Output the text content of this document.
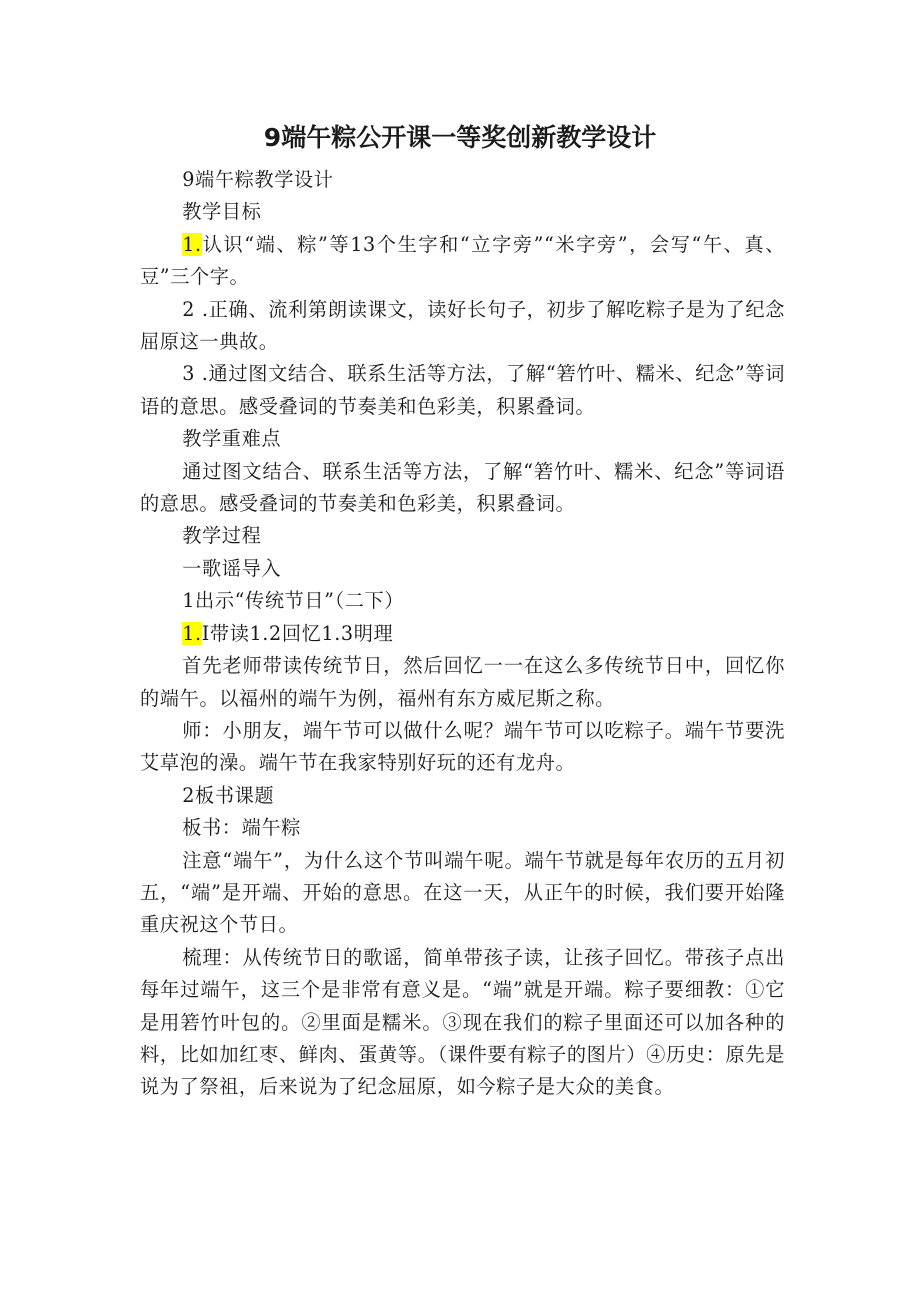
9端午粽公开课一等奖创新教学设计

9端午粽教学设计

教学目标

1.认识“端、粽”等13个生字和“立字旁”“米字旁”，会写“午、真、豆”三个字。

2 .正确、流利第朗读课文，读好长句子，初步了解吃粽子是为了纪念屈原这一典故。

3 .通过图文结合、联系生活等方法，了解“箬竹叶、糯米、纪念”等词语的意思。感受叠词的节奏美和色彩美，积累叠词。

教学重难点

通过图文结合、联系生活等方法，了解“箬竹叶、糯米、纪念”等词语的意思。感受叠词的节奏美和色彩美，积累叠词。

教学过程

一歌谣导入

1出示“传统节日”（二下）

1.I带读1.2回忆1.3明理

首先老师带读传统节日，然后回忆一一在这么多传统节日中，回忆你的端午。以福州的端午为例，福州有东方威尼斯之称。

师：小朋友，端午节可以做什么呢？端午节可以吃粽子。端午节要洗艾草泡的澡。端午节在我家特别好玩的还有龙舟。

2板书课题

板书：端午粽

注意“端午”，为什么这个节叫端午呢。端午节就是每年农历的五月初五，“端”是开端、开始的意思。在这一天，从正午的时候，我们要开始隆重庆祝这个节日。

梳理：从传统节日的歌谣，简单带孩子读，让孩子回忆。带孩子点出每年过端午，这三个是非常有意义是。“端”就是开端。粽子要细教：①它是用箬竹叶包的。②里面是糯米。③现在我们的粽子里面还可以加各种的料，比如加红枣、鲜肉、蛋黄等。（课件要有粽子的图片）④历史：原先是说为了祭祖，后来说为了纪念屈原，如今粽子是大众的美食。
